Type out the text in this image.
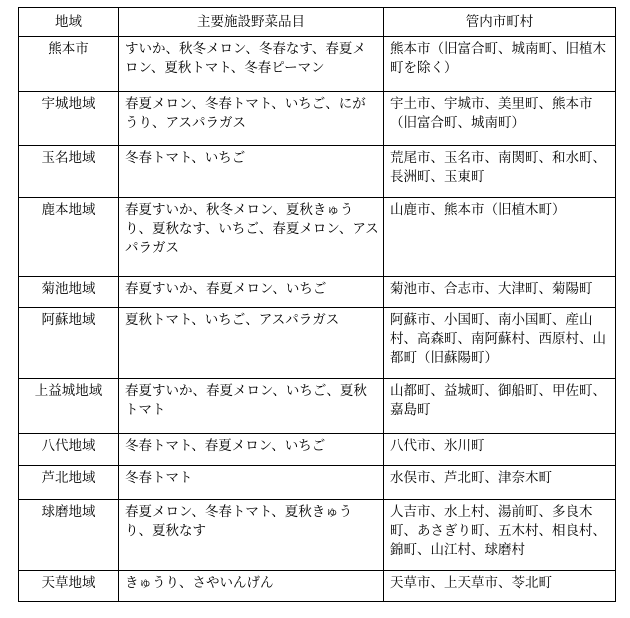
地域	主要施設野菜品目	管内市町村
熊本市	すいか、秋冬メロン、冬春なす、春夏メロン、夏秋トマト、冬春ピーマン	熊本市（旧富合町、城南町、旧植木町を除く）
宇城地域	春夏メロン、冬春トマト、いちご、にがうり、アスパラガス	宇土市、宇城市、美里町、熊本市（旧富合町、城南町）
玉名地域	冬春トマト、いちご	荒尾市、玉名市、南関町、和水町、長洲町、玉東町
鹿本地域	春夏すいか、秋冬メロン、夏秋きゅうり、夏秋なす、いちご、春夏メロン、アスパラガス	山鹿市、熊本市（旧植木町）
菊池地域	春夏すいか、春夏メロン、いちご	菊池市、合志市、大津町、菊陽町
阿蘇地域	夏秋トマト、いちご、アスパラガス	阿蘇市、小国町、南小国町、産山村、高森町、南阿蘇村、西原村、山都町（旧蘇陽町）
上益城地域	春夏すいか、春夏メロン、いちご、夏秋トマト	山都町、益城町、御船町、甲佐町、嘉島町
八代地域	冬春トマト、春夏メロン、いちご	八代市、氷川町
芦北地域	冬春トマト	水俣市、芦北町、津奈木町
球磨地域	春夏メロン、冬春トマト、夏秋きゅうり、夏秋なす	人吉市、水上村、湯前町、多良木町、あさぎり町、五木村、相良村、錦町、山江村、球磨村
天草地域	きゅうり、さやいんげん	天草市、上天草市、苓北町
